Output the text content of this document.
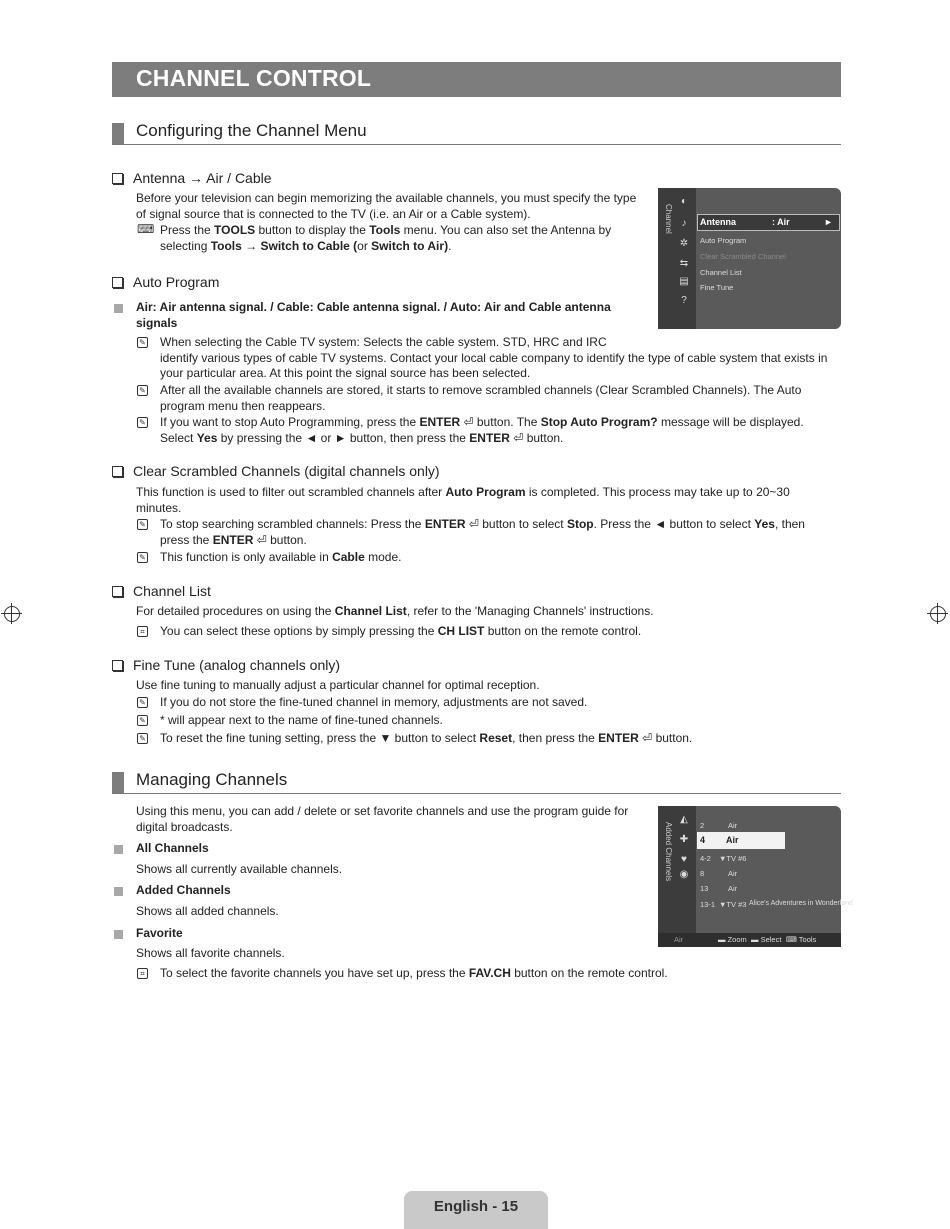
CHANNEL CONTROL
Configuring the Channel Menu
Antenna → Air / Cable
Before your television can begin memorizing the available channels, you must specify the type
of signal source that is connected to the TV (i.e. an Air or a Cable system).
⌨ Press the TOOLS button to display the Tools menu. You can also set the Antenna by
selecting Tools → Switch to Cable (or Switch to Air).
Channel
◐
♪
✲
⇆
▤
?
Antenna	: Air	►
Auto Program
Clear Scrambled Channel
Channel List
Fine Tune
Auto Program
Air: Air antenna signal. / Cable: Cable antenna signal. / Auto: Air and Cable antenna
signals
✎ When selecting the Cable TV system: Selects the cable system. STD, HRC and IRC
identify various types of cable TV systems. Contact your local cable company to identify the type of cable system that exists in
your particular area. At this point the signal source has been selected.
✎ After all the available channels are stored, it starts to remove scrambled channels (Clear Scrambled Channels). The Auto
program menu then reappears.
✎ If you want to stop Auto Programming, press the ENTER ⏎ button. The Stop Auto Program? message will be displayed.
Select Yes by pressing the ◄ or ► button, then press the ENTER ⏎ button.
Clear Scrambled Channels (digital channels only)
This function is used to filter out scrambled channels after Auto Program is completed. This process may take up to 20~30
minutes.
✎ To stop searching scrambled channels: Press the ENTER ⏎ button to select Stop. Press the ◄ button to select Yes, then
press the ENTER ⏎ button.
✎ This function is only available in Cable mode.
Channel List
For detailed procedures on using the Channel List, refer to the 'Managing Channels' instructions.
⌗ You can select these options by simply pressing the CH LIST button on the remote control.
Fine Tune (analog channels only)
Use fine tuning to manually adjust a particular channel for optimal reception.
✎ If you do not store the fine-tuned channel in memory, adjustments are not saved.
✎ * will appear next to the name of fine-tuned channels.
✎ To reset the fine tuning setting, press the ▼ button to select Reset, then press the ENTER ⏎ button.
Managing Channels
Using this menu, you can add / delete or set favorite channels and use the program guide for
digital broadcasts.
All Channels
Shows all currently available channels.
Added Channels
Shows all added channels.
Favorite
Shows all favorite channels.
⌗ To select the favorite channels you have set up, press the FAV.CH button on the remote control.
Added Channels
◭
✚
♥
◉
2	Air
4 Air
4-2 ▼TV #6
8	Air
13	Air
13-1 ▼TV #3 Alice's Adventures in Wonderland
Air	▬ Zoom ▬ Select ⌨ Tools
English - 15
